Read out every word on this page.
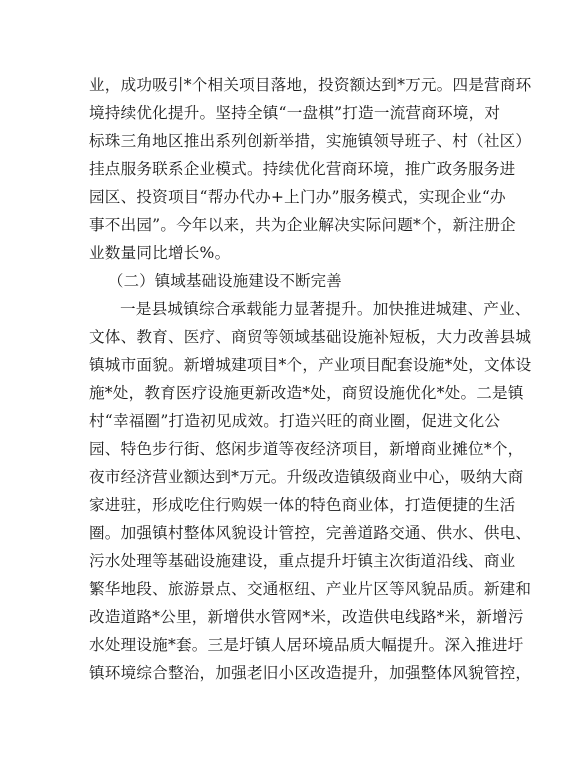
业，成功吸引*个相关项目落地，投资额达到*万元。四是营商环
境持续优化提升。坚持全镇“一盘棋”打造一流营商环境，对
标珠三角地区推出系列创新举措，实施镇领导班子、村（社区）
挂点服务联系企业模式。持续优化营商环境，推广政务服务进
园区、投资项目“帮办代办+上门办”服务模式，实现企业“办
事不出园”。今年以来，共为企业解决实际问题*个，新注册企
业数量同比增长%。
（二）镇域基础设施建设不断完善
一是县城镇综合承载能力显著提升。加快推进城建、产业、
文体、教育、医疗、商贸等领域基础设施补短板，大力改善县城
镇城市面貌。新增城建项目*个，产业项目配套设施*处，文体设
施*处，教育医疗设施更新改造*处，商贸设施优化*处。二是镇
村“幸福圈”打造初见成效。打造兴旺的商业圈，促进文化公
园、特色步行街、悠闲步道等夜经济项目，新增商业摊位*个，
夜市经济营业额达到*万元。升级改造镇级商业中心，吸纳大商
家进驻，形成吃住行购娱一体的特色商业体，打造便捷的生活
圈。加强镇村整体风貌设计管控，完善道路交通、供水、供电、
污水处理等基础设施建设，重点提升圩镇主次街道沿线、商业
繁华地段、旅游景点、交通枢纽、产业片区等风貌品质。新建和
改造道路*公里，新增供水管网*米，改造供电线路*米，新增污
水处理设施*套。三是圩镇人居环境品质大幅提升。深入推进圩
镇环境综合整治，加强老旧小区改造提升，加强整体风貌管控，
